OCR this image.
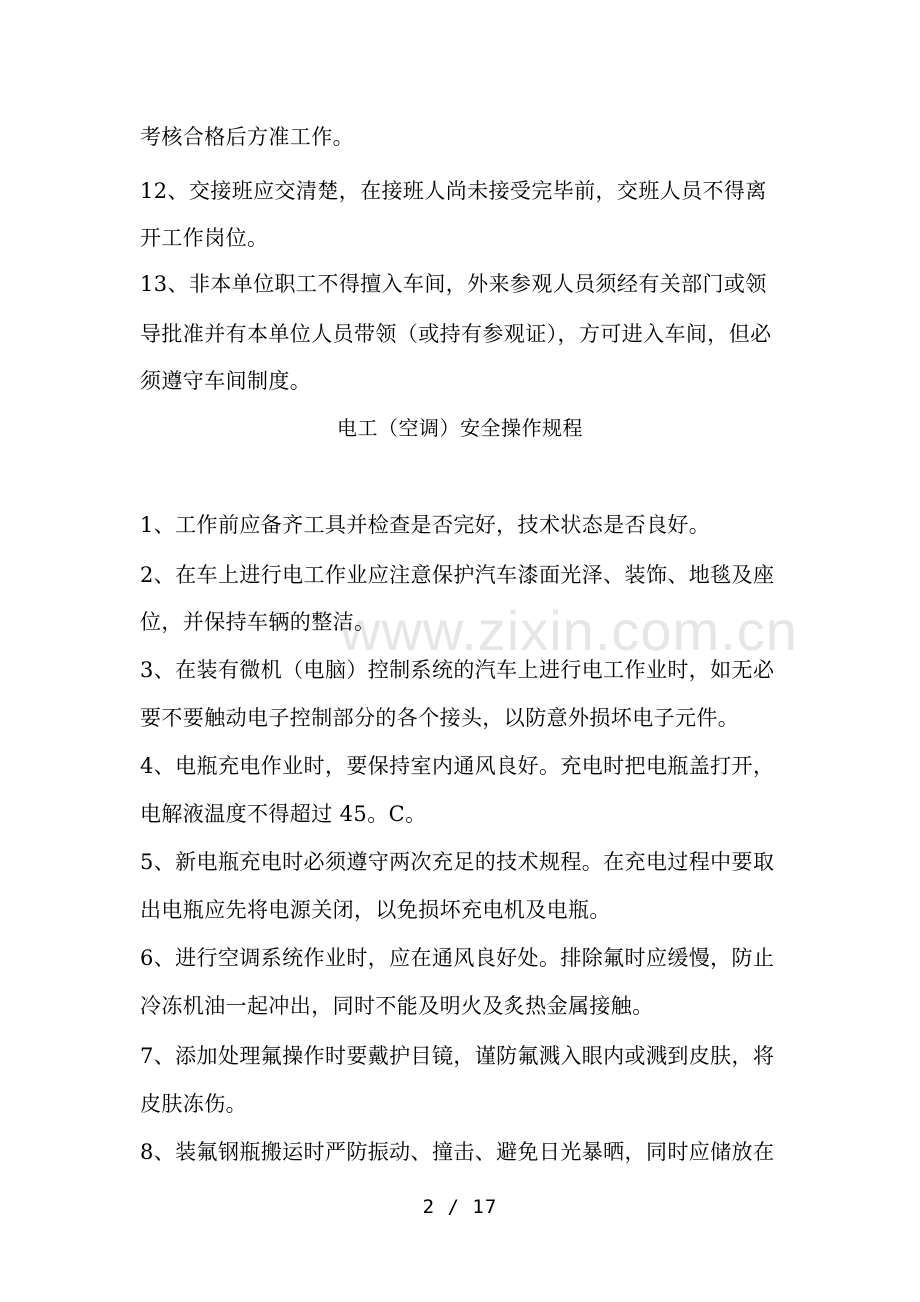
www.zixin.com.cn
考核合格后方准工作。
12、交接班应交清楚，在接班人尚未接受完毕前，交班人员不得离
开工作岗位。
13、非本单位职工不得擅入车间，外来参观人员须经有关部门或领
导批准并有本单位人员带领（或持有参观证），方可进入车间，但必
须遵守车间制度。
电工（空调）安全操作规程
1、工作前应备齐工具并检查是否完好，技术状态是否良好。
2、在车上进行电工作业应注意保护汽车漆面光泽、装饰、地毯及座
位，并保持车辆的整洁。
3、在装有微机（电脑）控制系统的汽车上进行电工作业时，如无必
要不要触动电子控制部分的各个接头，以防意外损坏电子元件。
4、电瓶充电作业时，要保持室内通风良好。充电时把电瓶盖打开，
电解液温度不得超过 45。C。
5、新电瓶充电时必须遵守两次充足的技术规程。在充电过程中要取
出电瓶应先将电源关闭，以免损坏充电机及电瓶。
6、进行空调系统作业时，应在通风良好处。排除氟时应缓慢，防止
冷冻机油一起冲出，同时不能及明火及炙热金属接触。
7、添加处理氟操作时要戴护目镜，谨防氟溅入眼内或溅到皮肤，将
皮肤冻伤。
8、装氟钢瓶搬运时严防振动、撞击、避免日光暴晒，同时应储放在
2 / 17
